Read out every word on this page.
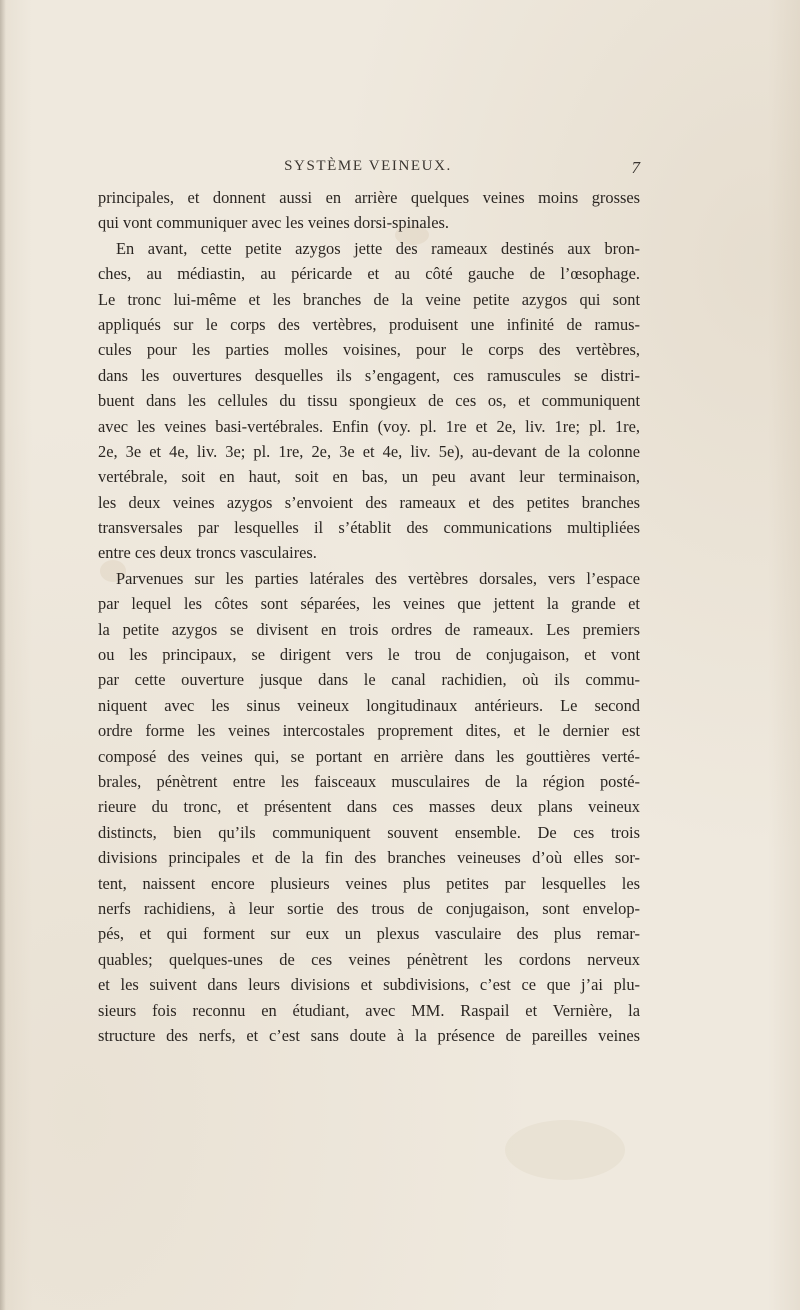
SYSTÈME VEINEUX.	7
principales, et donnent aussi en arrière quelques veines moins grosses
qui vont communiquer avec les veines dorsi-spinales.
En avant, cette petite azygos jette des rameaux destinés aux bron-
ches, au médiastin, au péricarde et au côté gauche de l’œsophage.
Le tronc lui-même et les branches de la veine petite azygos qui sont
appliqués sur le corps des vertèbres, produisent une infinité de ramus-
cules pour les parties molles voisines, pour le corps des vertèbres,
dans les ouvertures desquelles ils s’engagent, ces ramuscules se distri-
buent dans les cellules du tissu spongieux de ces os, et communiquent
avec les veines basi-vertébrales. Enfin (voy. pl. 1re et 2e, liv. 1re; pl. 1re,
2e, 3e et 4e, liv. 3e; pl. 1re, 2e, 3e et 4e, liv. 5e), au-devant de la colonne
vertébrale, soit en haut, soit en bas, un peu avant leur terminaison,
les deux veines azygos s’envoient des rameaux et des petites branches
transversales par lesquelles il s’établit des communications multipliées
entre ces deux troncs vasculaires.
Parvenues sur les parties latérales des vertèbres dorsales, vers l’espace
par lequel les côtes sont séparées, les veines que jettent la grande et
la petite azygos se divisent en trois ordres de rameaux. Les premiers
ou les principaux, se dirigent vers le trou de conjugaison, et vont
par cette ouverture jusque dans le canal rachidien, où ils commu-
niquent avec les sinus veineux longitudinaux antérieurs. Le second
ordre forme les veines intercostales proprement dites, et le dernier est
composé des veines qui, se portant en arrière dans les gouttières verté-
brales, pénètrent entre les faisceaux musculaires de la région posté-
rieure du tronc, et présentent dans ces masses deux plans veineux
distincts, bien qu’ils communiquent souvent ensemble. De ces trois
divisions principales et de la fin des branches veineuses d’où elles sor-
tent, naissent encore plusieurs veines plus petites par lesquelles les
nerfs rachidiens, à leur sortie des trous de conjugaison, sont envelop-
pés, et qui forment sur eux un plexus vasculaire des plus remar-
quables; quelques-unes de ces veines pénètrent les cordons nerveux
et les suivent dans leurs divisions et subdivisions, c’est ce que j’ai plu-
sieurs fois reconnu en étudiant, avec MM. Raspail et Vernière, la
structure des nerfs, et c’est sans doute à la présence de pareilles veines
